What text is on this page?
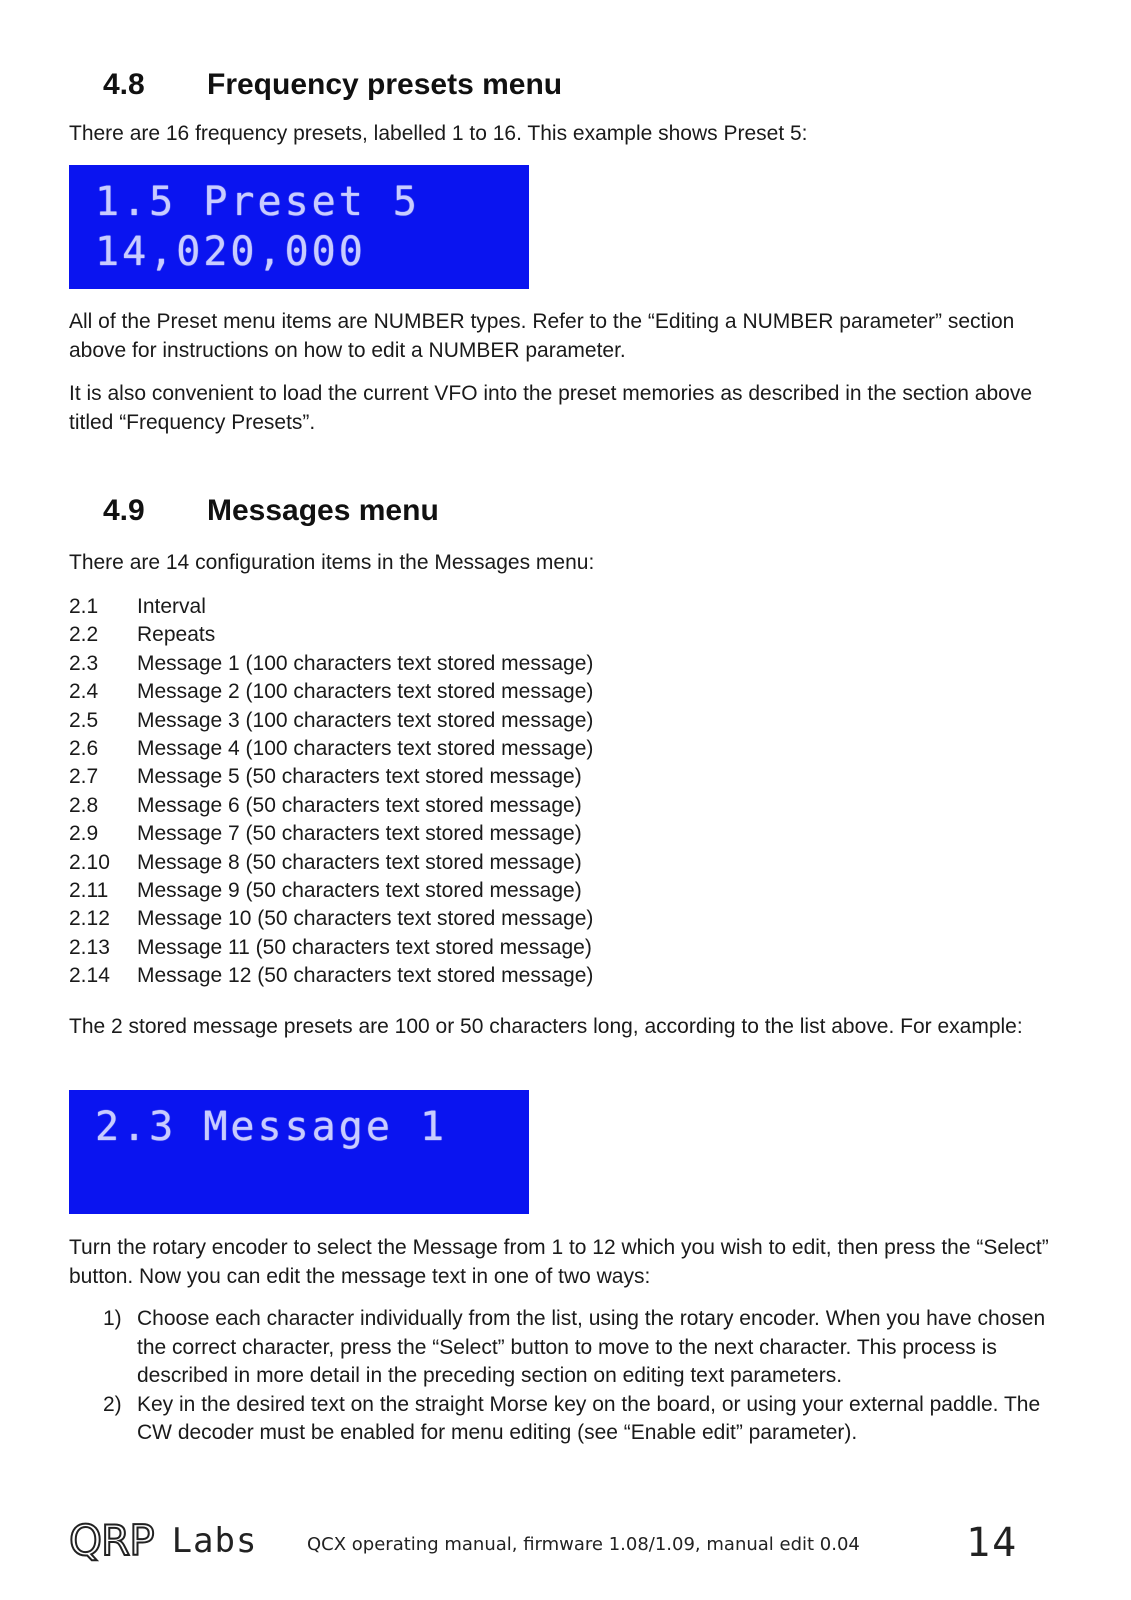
4.8 Frequency presets menu
There are 16 frequency presets, labelled 1 to 16. This example shows Preset 5:
1.5 Preset 5
14,020,000
All of the Preset menu items are NUMBER types. Refer to the “Editing a NUMBER parameter” section above for instructions on how to edit a NUMBER parameter.
It is also convenient to load the current VFO into the preset memories as described in the section above titled “Frequency Presets”.
4.9 Messages menu
There are 14 configuration items in the Messages menu:
2.1 Interval
2.2 Repeats
2.3 Message 1 (100 characters text stored message)
2.4 Message 2 (100 characters text stored message)
2.5 Message 3 (100 characters text stored message)
2.6 Message 4 (100 characters text stored message)
2.7 Message 5 (50 characters text stored message)
2.8 Message 6 (50 characters text stored message)
2.9 Message 7 (50 characters text stored message)
2.10 Message 8 (50 characters text stored message)
2.11 Message 9 (50 characters text stored message)
2.12 Message 10 (50 characters text stored message)
2.13 Message 11 (50 characters text stored message)
2.14 Message 12 (50 characters text stored message)
The 2 stored message presets are 100 or 50 characters long, according to the list above. For example:
2.3 Message 1
Turn the rotary encoder to select the Message from 1 to 12 which you wish to edit, then press the “Select” button. Now you can edit the message text in one of two ways:
1) Choose each character individually from the list, using the rotary encoder. When you have chosen the correct character, press the “Select” button to move to the next character. This process is described in more detail in the preceding section on editing text parameters.
2) Key in the desired text on the straight Morse key on the board, or using your external paddle. The CW decoder must be enabled for menu editing (see “Enable edit” parameter).
QRP Labs	QCX operating manual, firmware 1.08/1.09, manual edit 0.04	14
